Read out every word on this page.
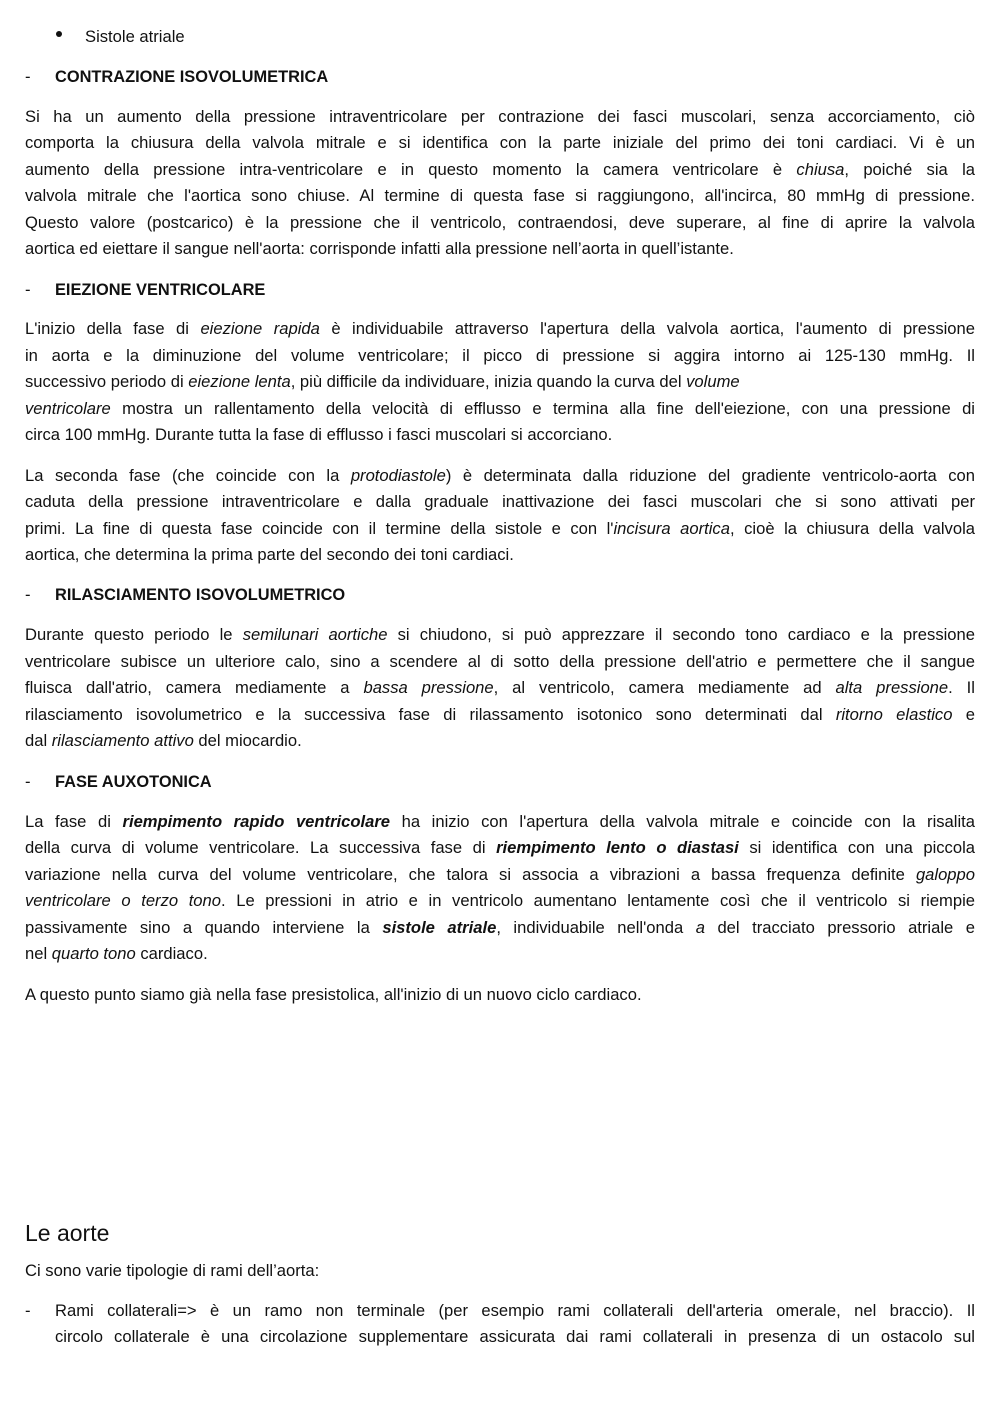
Sistole atriale
- CONTRAZIONE ISOVOLUMETRICA
Si ha un aumento della pressione intraventricolare per contrazione dei fasci muscolari, senza accorciamento, ciò
comporta la chiusura della valvola mitrale e si identifica con la parte iniziale del primo dei toni cardiaci. Vi è un
aumento della pressione intra-ventricolare e in questo momento la camera ventricolare è chiusa, poiché sia la
valvola mitrale che l'aortica sono chiuse. Al termine di questa fase si raggiungono, all'incirca, 80 mmHg di pressione.
Questo valore (postcarico) è la pressione che il ventricolo, contraendosi, deve superare, al fine di aprire la valvola
aortica ed eiettare il sangue nell'aorta: corrisponde infatti alla pressione nell’aorta in quell’istante.
- EIEZIONE VENTRICOLARE
L'inizio della fase di eiezione rapida è individuabile attraverso l'apertura della valvola aortica, l'aumento di pressione
in aorta e la diminuzione del volume ventricolare; il picco di pressione si aggira intorno ai 125-130 mmHg. Il
successivo periodo di eiezione lenta, più difficile da individuare, inizia quando la curva del volume
ventricolare mostra un rallentamento della velocità di efflusso e termina alla fine dell'eiezione, con una pressione di
circa 100 mmHg. Durante tutta la fase di efflusso i fasci muscolari si accorciano.
La seconda fase (che coincide con la protodiastole) è determinata dalla riduzione del gradiente ventricolo-aorta con
caduta della pressione intraventricolare e dalla graduale inattivazione dei fasci muscolari che si sono attivati per
primi. La fine di questa fase coincide con il termine della sistole e con l'incisura aortica, cioè la chiusura della valvola
aortica, che determina la prima parte del secondo dei toni cardiaci.
- RILASCIAMENTO ISOVOLUMETRICO
Durante questo periodo le semilunari aortiche si chiudono, si può apprezzare il secondo tono cardiaco e la pressione
ventricolare subisce un ulteriore calo, sino a scendere al di sotto della pressione dell'atrio e permettere che il sangue
fluisca dall'atrio, camera mediamente a bassa pressione, al ventricolo, camera mediamente ad alta pressione. Il
rilasciamento isovolumetrico e la successiva fase di rilassamento isotonico sono determinati dal ritorno elastico e
dal rilasciamento attivo del miocardio.
- FASE AUXOTONICA
La fase di riempimento rapido ventricolare ha inizio con l'apertura della valvola mitrale e coincide con la risalita
della curva di volume ventricolare. La successiva fase di riempimento lento o diastasi si identifica con una piccola
variazione nella curva del volume ventricolare, che talora si associa a vibrazioni a bassa frequenza definite galoppo
ventricolare o terzo tono. Le pressioni in atrio e in ventricolo aumentano lentamente così che il ventricolo si riempie
passivamente sino a quando interviene la sistole atriale, individuabile nell'onda a del tracciato pressorio atriale e
nel quarto tono cardiaco.
A questo punto siamo già nella fase presistolica, all'inizio di un nuovo ciclo cardiaco.
Le aorte
Ci sono varie tipologie di rami dell’aorta:
- Rami collaterali=> è un ramo non terminale (per esempio rami collaterali dell'arteria omerale, nel braccio). Il
circolo collaterale è una circolazione supplementare assicurata dai rami collaterali in presenza di un ostacolo sul
